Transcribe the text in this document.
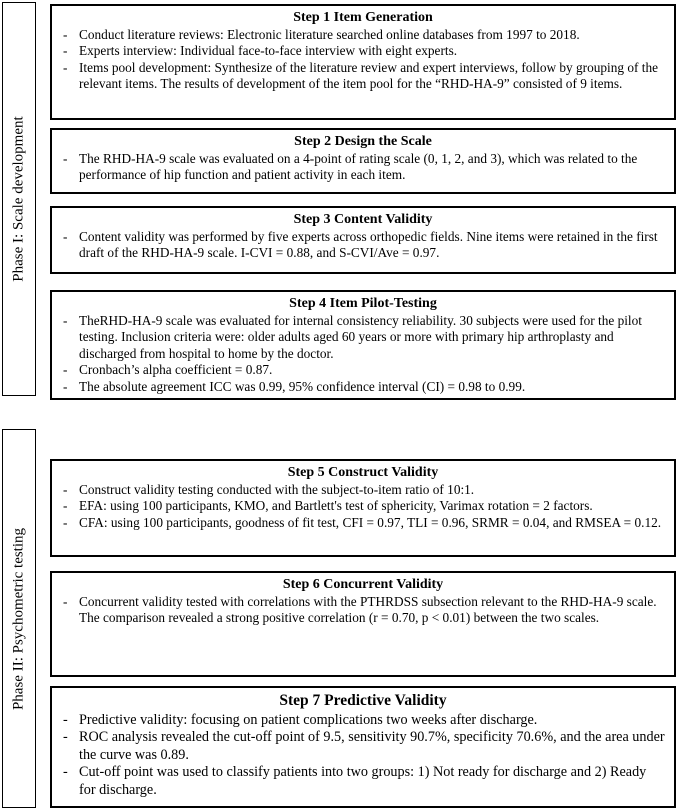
Phase I: Scale development
Step 1 Item Generation
- Conduct literature reviews: Electronic literature searched online databases from 1997 to 2018.
- Experts interview: Individual face-to-face interview with eight experts.
- Items pool development: Synthesize of the literature review and expert interviews, follow by grouping of the relevant items. The results of development of the item pool for the “RHD-HA-9” consisted of 9 items.
Step 2 Design the Scale
- The RHD-HA-9 scale was evaluated on a 4-point of rating scale (0, 1, 2, and 3), which was related to the performance of hip function and patient activity in each item.
Step 3 Content Validity
- Content validity was performed by five experts across orthopedic fields. Nine items were retained in the first draft of the RHD-HA-9 scale. I-CVI = 0.88, and S-CVI/Ave = 0.97.
Step 4 Item Pilot-Testing
- TheRHD-HA-9 scale was evaluated for internal consistency reliability. 30 subjects were used for the pilot testing. Inclusion criteria were: older adults aged 60 years or more with primary hip arthroplasty and discharged from hospital to home by the doctor.
- Cronbach’s alpha coefficient = 0.87.
- The absolute agreement ICC was 0.99, 95% confidence interval (CI) = 0.98 to 0.99.
Phase II: Psychometric testing
Step 5 Construct Validity
- Construct validity testing conducted with the subject-to-item ratio of 10:1.
- EFA: using 100 participants, KMO, and Bartlett's test of sphericity, Varimax rotation = 2 factors.
- CFA: using 100 participants, goodness of fit test, CFI = 0.97, TLI = 0.96, SRMR = 0.04, and RMSEA = 0.12.
Step 6 Concurrent Validity
- Concurrent validity tested with correlations with the PTHRDSS subsection relevant to the RHD-HA-9 scale. The comparison revealed a strong positive correlation (r = 0.70, p < 0.01) between the two scales.
Step 7 Predictive Validity
- Predictive validity: focusing on patient complications two weeks after discharge.
- ROC analysis revealed the cut-off point of 9.5, sensitivity 90.7%, specificity 70.6%, and the area under the curve was 0.89.
- Cut-off point was used to classify patients into two groups: 1) Not ready for discharge and 2) Ready for discharge.
